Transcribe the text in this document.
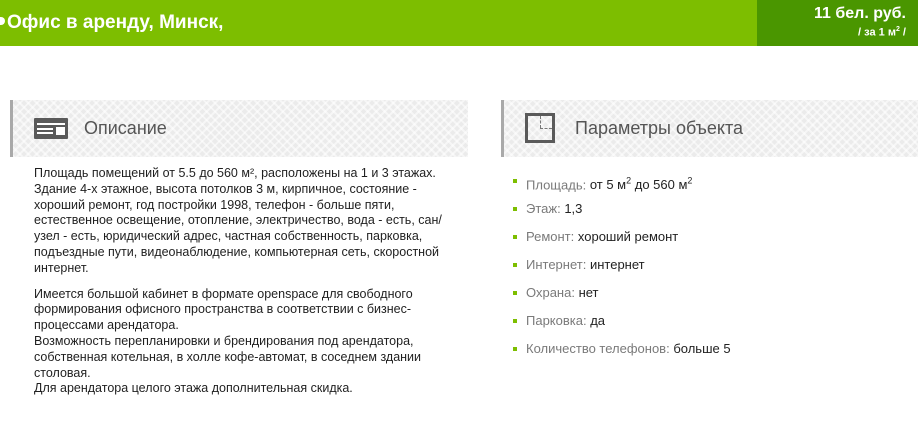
Офис в аренду, Минск,	11 бел. руб.
/ за 1 $м^2$ /
Описание	Параметры объекта

Площадь помещений от 5.5 до 560 м², расположены на 1 и 3 этажах. Здание 4-х этажное, высота потолков 3 м, кирпичное, состояние - хороший ремонт, год постройки 1998, телефон - больше пяти, естественное освещение, отопление, электричество, вода - есть, сан/узел - есть, юридический адрес, частная собственность, парковка, подъездные пути, видеонаблюдение, компьютерная сеть, скоростной интернет.

Имеется большой кабинет в формате openspace для свободного формирования офисного пространства в соответствии с бизнес-процессами арендатора.

Возможность перепланировки и брендирования под арендатора, собственная котельная, в холле кофе-автомат, в соседнем здании столовая.

Для арендатора целого этажа дополнительная скидка.

Площадь: от 5 $м^2$ до 560 $м^2$
Этаж: 1,3
Ремонт: хороший ремонт
Интернет: интернет
Охрана: нет
Парковка: да
Количество телефонов: больше 5
